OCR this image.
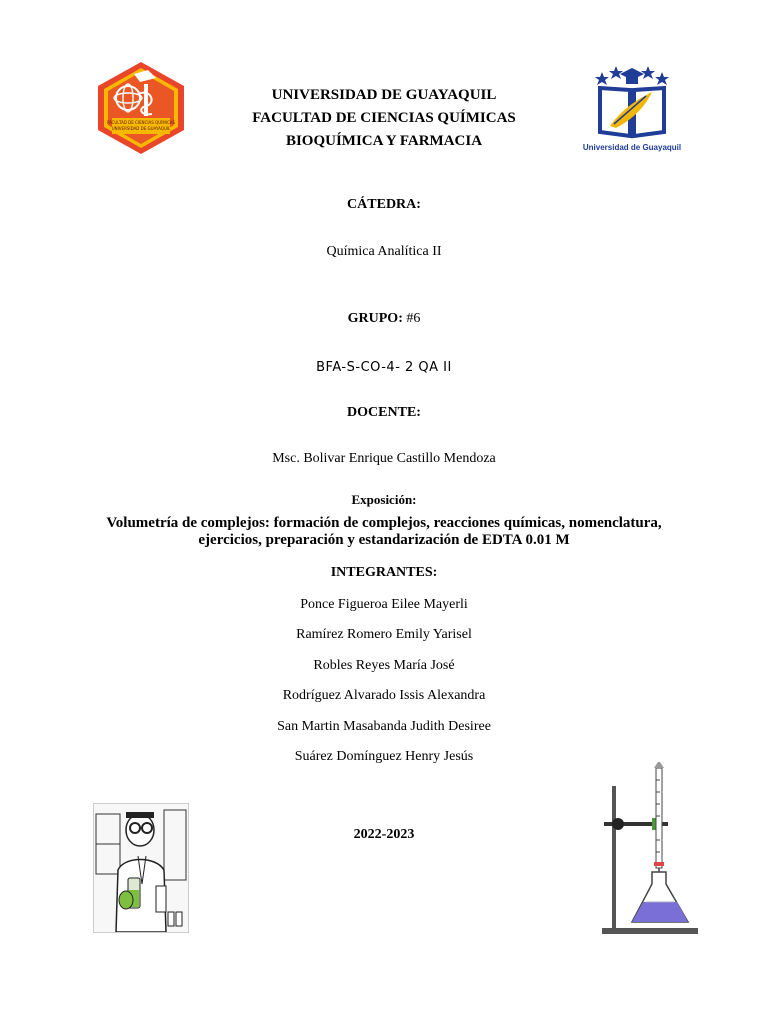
FACULTAD DE CIENCIAS QUÍMICAS
UNIVERSIDAD DE GUAYAQUIL
Universidad de Guayaquil
UNIVERSIDAD DE GUAYAQUIL
FACULTAD DE CIENCIAS QUÍMICAS
BIOQUÍMICA Y FARMACIA
CÁTEDRA:
Química Analítica II
GRUPO: #6
BFA-S-CO-4- 2 QA II
DOCENTE:
Msc. Bolivar Enrique Castillo Mendoza
Exposición:
Volumetría de complejos: formación de complejos, reacciones químicas, nomenclatura,
ejercicios, preparación y estandarización de EDTA 0.01 M
INTEGRANTES:
Ponce Figueroa Eilee Mayerli
Ramírez Romero Emily Yarisel
Robles Reyes María José
Rodríguez Alvarado Issis Alexandra
San Martin Masabanda Judith Desiree
Suárez Domínguez Henry Jesús
2022-2023
